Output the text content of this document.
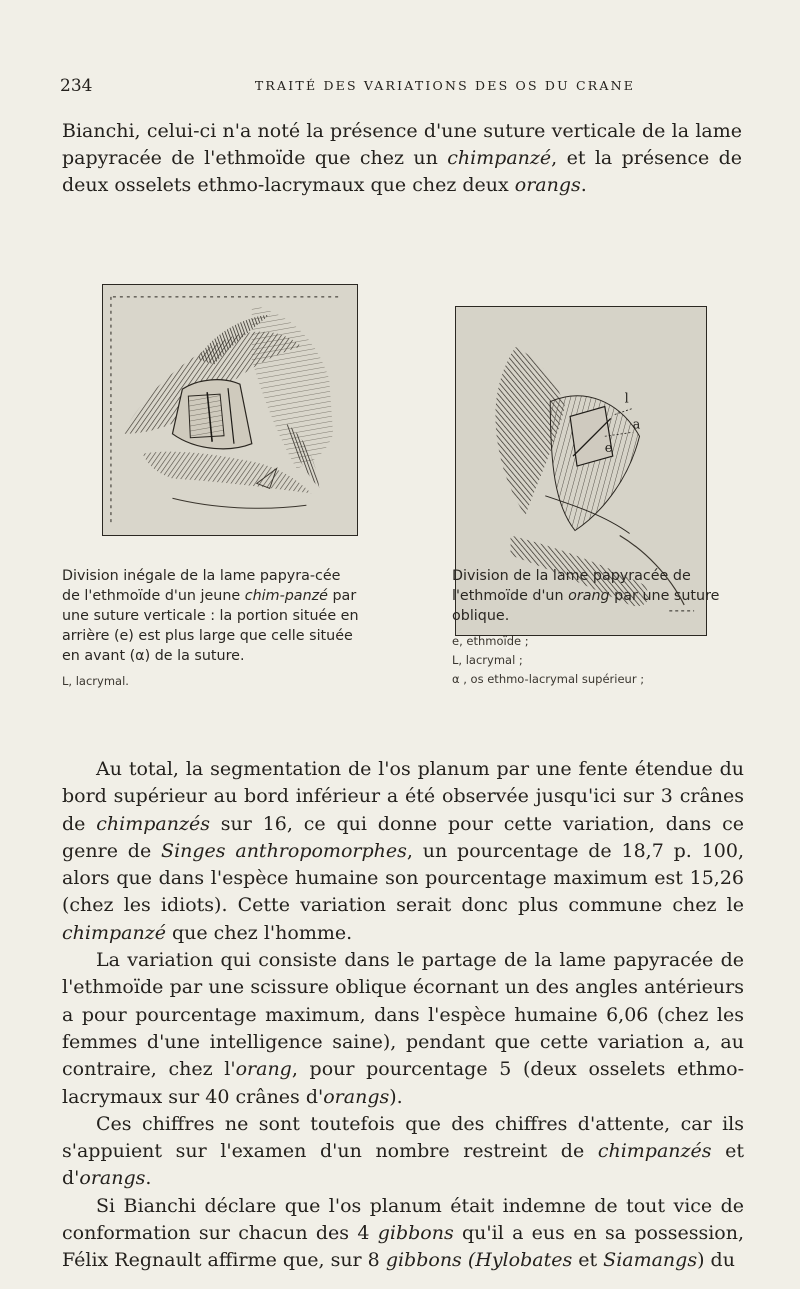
234	TRAITÉ DES VARIATIONS DES OS DU CRANE
Bianchi, celui-ci n'a noté la présence d'une suture verticale de la lame papyracée de l'ethmoïde que chez un chimpanzé, et la présence de deux osselets ethmo-lacrymaux que chez deux orangs.
l
a
e
Division inégale de la lame papyra-cée de l'ethmoïde d'un jeune chim-panzé par une suture verticale : la portion située en arrière (e) est plus large que celle située en avant (α) de la suture.
L, lacrymal.
Division de la lame papyracée de l'ethmoïde d'un orang par une suture oblique.
e, ethmoïde ;
L, lacrymal ;
α , os ethmo-lacrymal supérieur ;

Au total, la segmentation de l'os planum par une fente étendue du bord supérieur au bord inférieur a été observée jusqu'ici sur 3 crânes de chimpanzés sur 16, ce qui donne pour cette variation, dans ce genre de Singes anthropomorphes, un pourcentage de 18,7 p. 100, alors que dans l'espèce humaine son pourcentage maximum est 15,26 (chez les idiots). Cette variation serait donc plus commune chez le chimpanzé que chez l'homme.

La variation qui consiste dans le partage de la lame papyracée de l'ethmoïde par une scissure oblique écornant un des angles antérieurs a pour pourcentage maximum, dans l'espèce humaine 6,06 (chez les femmes d'une intelligence saine), pendant que cette variation a, au contraire, chez l'orang, pour pourcentage 5 (deux osselets ethmo-lacrymaux sur 40 crânes d'orangs).

Ces chiffres ne sont toutefois que des chiffres d'attente, car ils s'appuient sur l'examen d'un nombre restreint de chimpanzés et d'orangs.

Si Bianchi déclare que l'os planum était indemne de tout vice de conformation sur chacun des 4 gibbons qu'il a eus en sa possession, Félix Regnault affirme que, sur 8 gibbons (Hylobates et Siamangs) du
